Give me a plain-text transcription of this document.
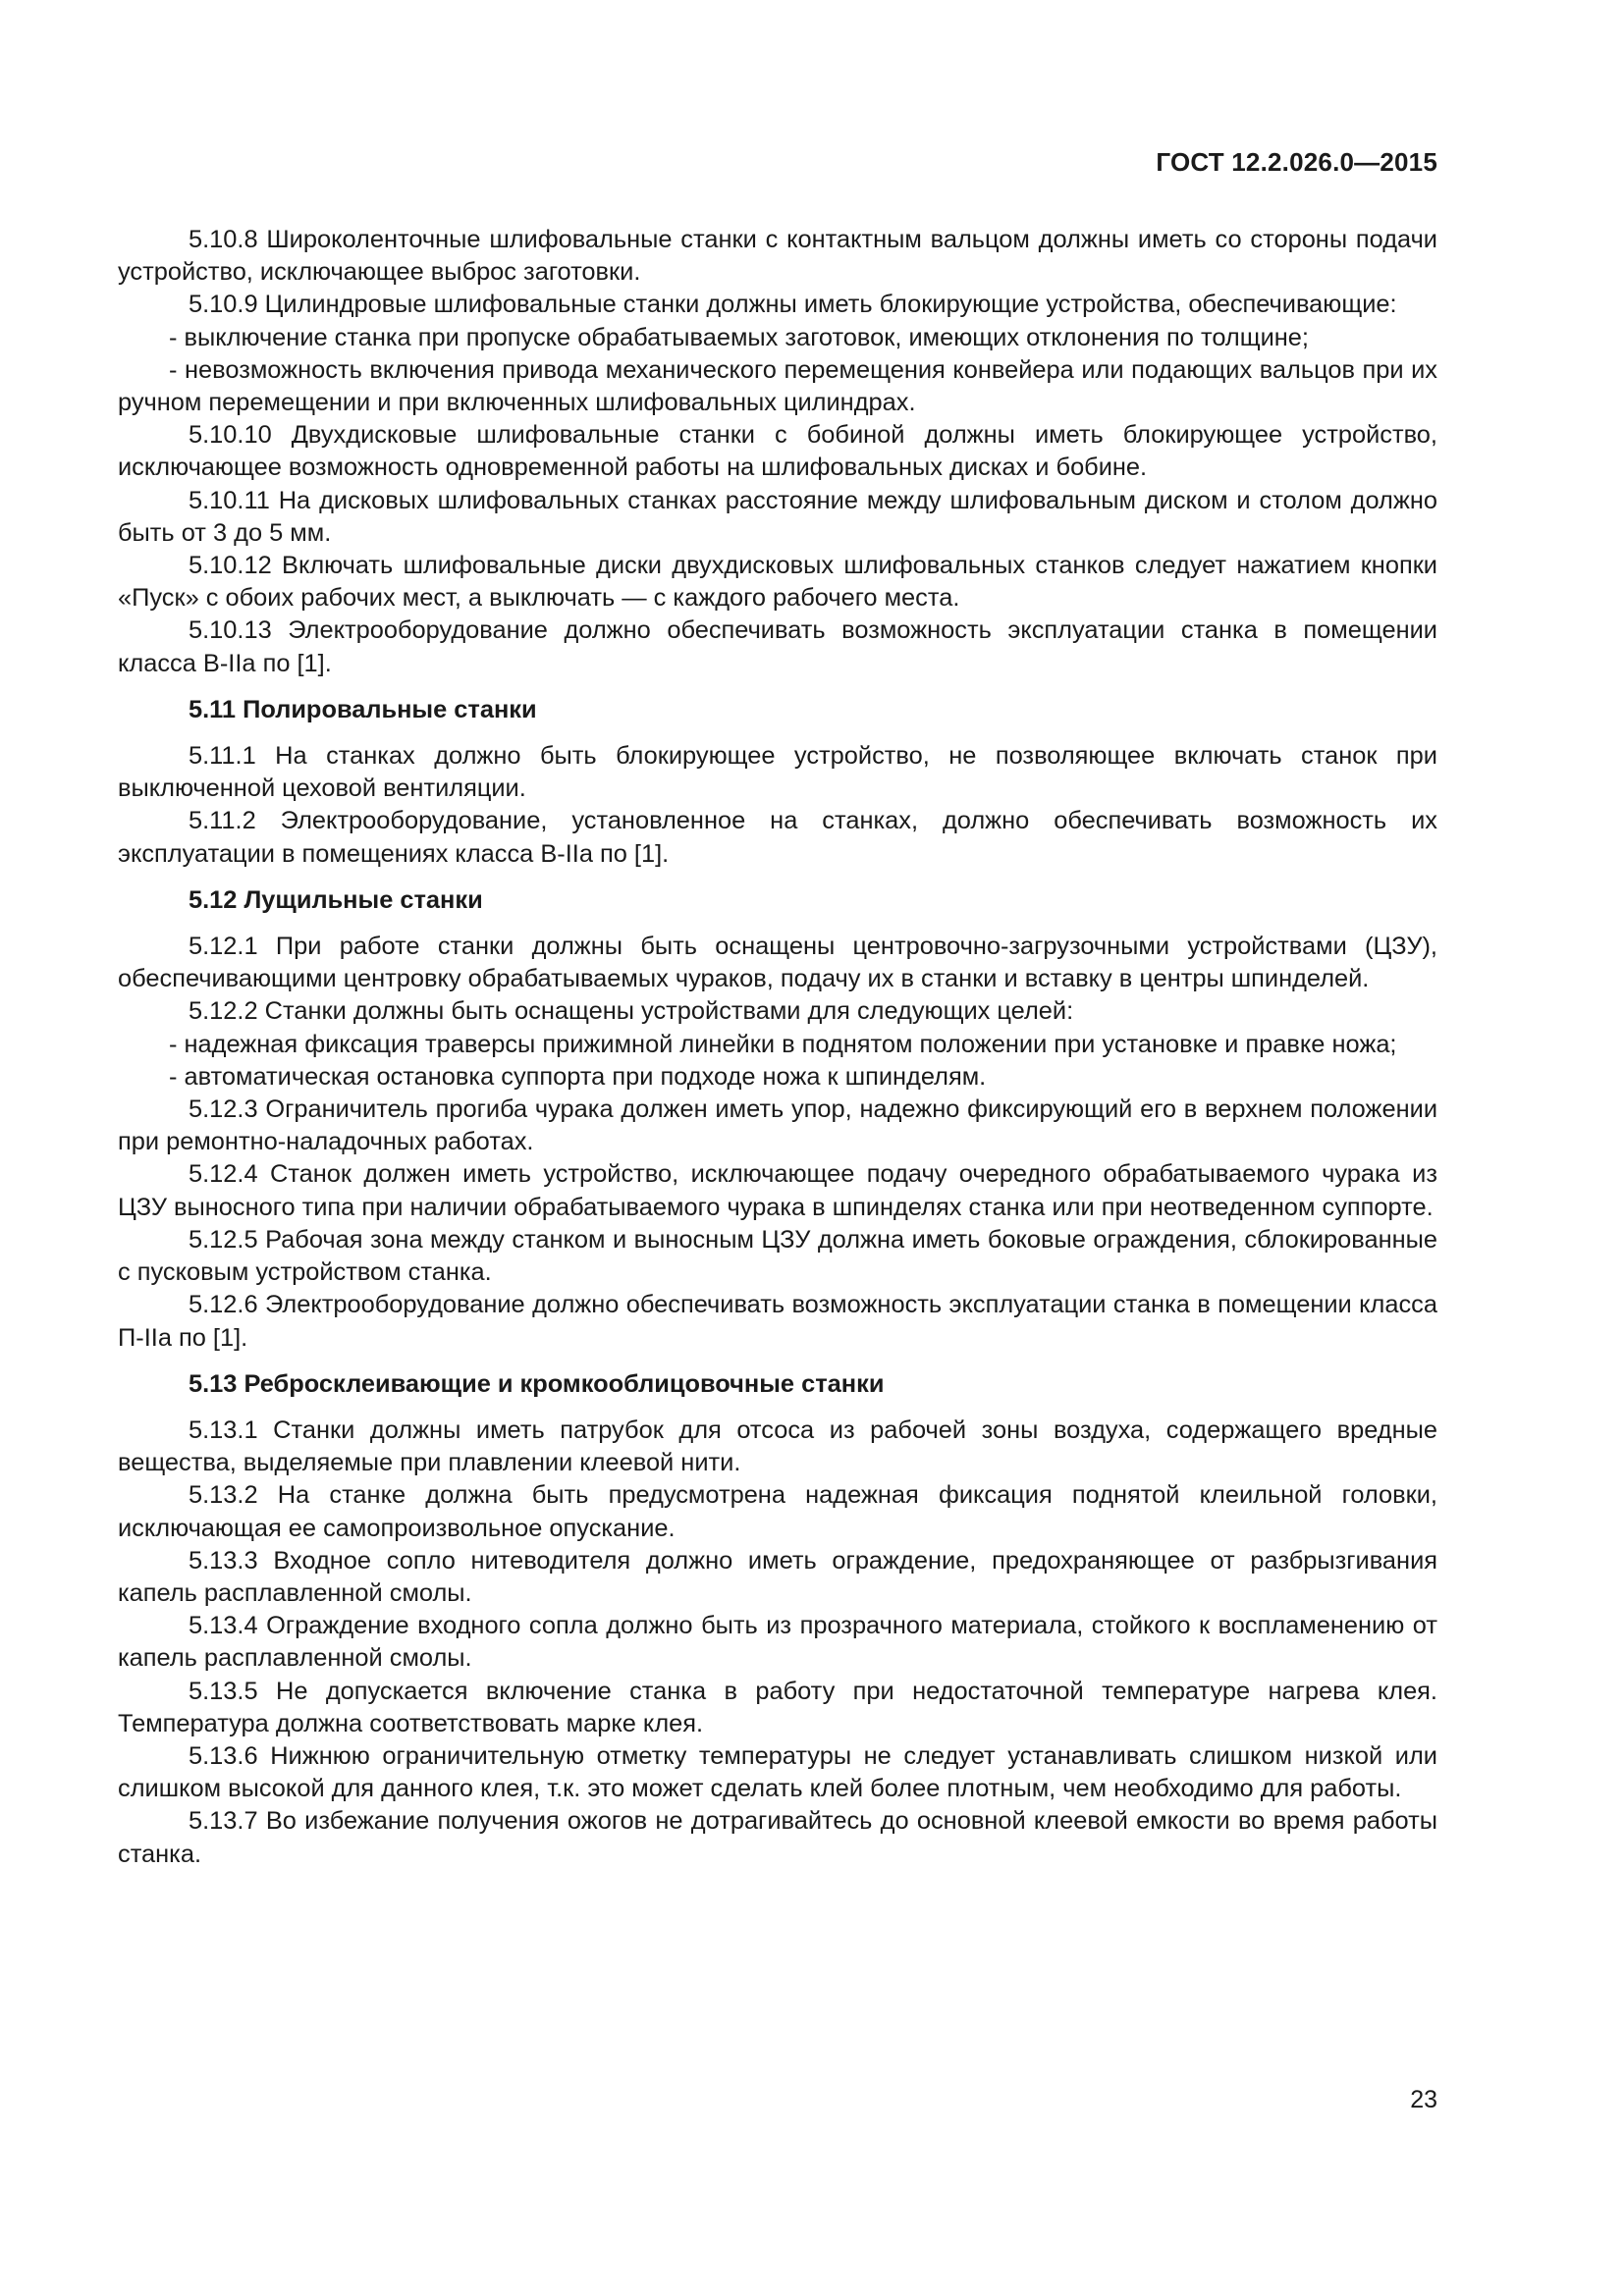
ГОСТ 12.2.026.0—2015

5.10.8 Широколенточные шлифовальные станки с контактным вальцом должны иметь со стороны подачи устройство, исключающее выброс заготовки.

5.10.9 Цилиндровые шлифовальные станки должны иметь блокирующие устройства, обеспечивающие:

- выключение станка при пропуске обрабатываемых заготовок, имеющих отклонения по толщине;

- невозможность включения привода механического перемещения конвейера или подающих вальцов при их ручном перемещении и при включенных шлифовальных цилиндрах.

5.10.10 Двухдисковые шлифовальные станки с бобиной должны иметь блокирующее устройство, исключающее возможность одновременной работы на шлифовальных дисках и бобине.

5.10.11 На дисковых шлифовальных станках расстояние между шлифовальным диском и столом должно быть от 3 до 5 мм.

5.10.12 Включать шлифовальные диски двухдисковых шлифовальных станков следует нажатием кнопки «Пуск» с обоих рабочих мест, а выключать — с каждого рабочего места.

5.10.13 Электрооборудование должно обеспечивать возможность эксплуатации станка в помещении класса В-IIa по [1].

5.11 Полировальные станки

5.11.1 На станках должно быть блокирующее устройство, не позволяющее включать станок при выключенной цеховой вентиляции.

5.11.2 Электрооборудование, установленное на станках, должно обеспечивать возможность их эксплуатации в помещениях класса В-IIa по [1].

5.12 Лущильные станки

5.12.1 При работе станки должны быть оснащены центровочно-загрузочными устройствами (ЦЗУ), обеспечивающими центровку обрабатываемых чураков, подачу их в станки и вставку в центры шпинделей.

5.12.2 Станки должны быть оснащены устройствами для следующих целей:

- надежная фиксация траверсы прижимной линейки в поднятом положении при установке и правке ножа;

- автоматическая остановка суппорта при подходе ножа к шпинделям.

5.12.3 Ограничитель прогиба чурака должен иметь упор, надежно фиксирующий его в верхнем положении при ремонтно-наладочных работах.

5.12.4 Станок должен иметь устройство, исключающее подачу очередного обрабатываемого чурака из ЦЗУ выносного типа при наличии обрабатываемого чурака в шпинделях станка или при неотведенном суппорте.

5.12.5 Рабочая зона между станком и выносным ЦЗУ должна иметь боковые ограждения, сблокированные с пусковым устройством станка.

5.12.6 Электрооборудование должно обеспечивать возможность эксплуатации станка в помещении класса П-IIa по [1].

5.13 Ребросклеивающие и кромкооблицовочные станки

5.13.1 Станки должны иметь патрубок для отсоса из рабочей зоны воздуха, содержащего вредные вещества, выделяемые при плавлении клеевой нити.

5.13.2 На станке должна быть предусмотрена надежная фиксация поднятой клеильной головки, исключающая ее самопроизвольное опускание.

5.13.3 Входное сопло нитеводителя должно иметь ограждение, предохраняющее от разбрызгивания капель расплавленной смолы.

5.13.4 Ограждение входного сопла должно быть из прозрачного материала, стойкого к воспламенению от капель расплавленной смолы.

5.13.5 Не допускается включение станка в работу при недостаточной температуре нагрева клея. Температура должна соответствовать марке клея.

5.13.6 Нижнюю ограничительную отметку температуры не следует устанавливать слишком низкой или слишком высокой для данного клея, т.к. это может сделать клей более плотным, чем необходимо для работы.

5.13.7 Во избежание получения ожогов не дотрагивайтесь до основной клеевой емкости во время работы станка.

23
